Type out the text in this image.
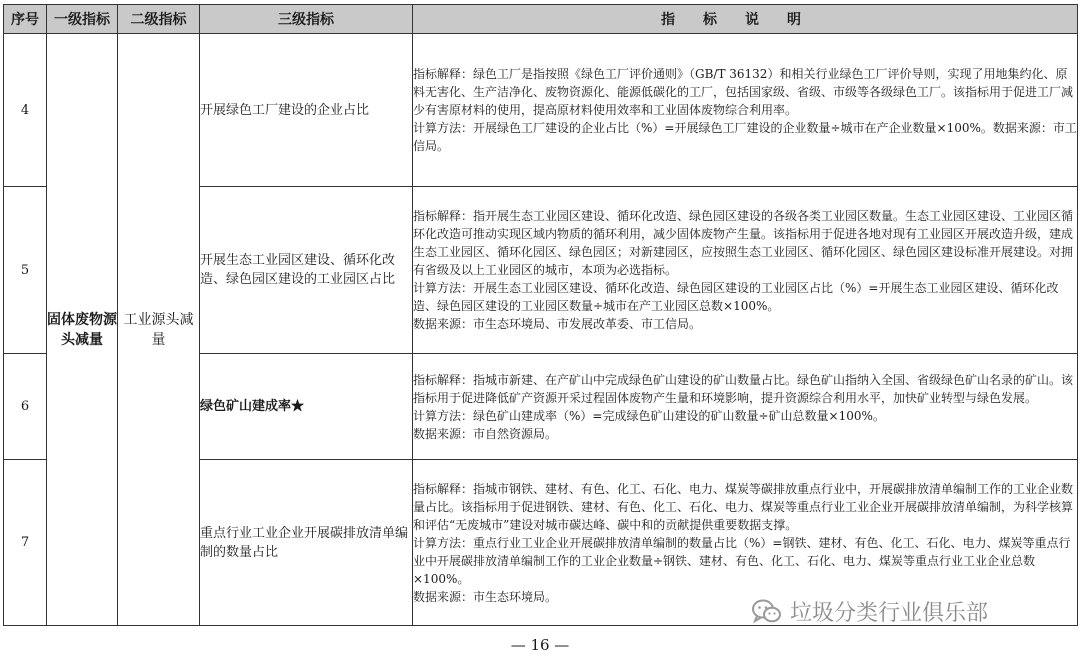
序号	一级指标	二级指标	三级指标	指标说明
4	固体废物源头减量	工业源头减量	开展绿色工厂建设的企业占比	指标解释：绿色工厂是指按照《绿色工厂评价通则》（GB/T 36132）和相关行业绿色工厂评价导则，实现了用地集约化、原料无害化、生产洁净化、废物资源化、能源低碳化的工厂，包括国家级、省级、市级等各级绿色工厂。该指标用于促进工厂减少有害原材料的使用，提高原材料使用效率和工业固体废物综合利用率。

计算方法：开展绿色工厂建设的企业占比（%）=开展绿色工厂建设的企业数量÷城市在产企业数量×100%。数据来源：市工信局。

5			开展生态工业园区建设、循环化改造、绿色园区建设的工业园区占比	指标解释：指开展生态工业园区建设、循环化改造、绿色园区建设的各级各类工业园区数量。生态工业园区建设、工业园区循环化改造可推动实现区域内物质的循环利用，减少固体废物产生量。该指标用于促进各地对现有工业园区开展改造升级，建成生态工业园区、循环化园区、绿色园区；对新建园区，应按照生态工业园区、循环化园区、绿色园区建设标准开展建设。对拥有省级及以上工业园区的城市，本项为必选指标。

计算方法：开展生态工业园区建设、循环化改造、绿色园区建设的工业园区占比（%）=开展生态工业园区建设、循环化改造、绿色园区建设的工业园区数量÷城市在产工业园区总数×100%。

数据来源：市生态环境局、市发展改革委、市工信局。

6			绿色矿山建成率★	指标解释：指城市新建、在产矿山中完成绿色矿山建设的矿山数量占比。绿色矿山指纳入全国、省级绿色矿山名录的矿山。该指标用于促进降低矿产资源开采过程固体废物产生量和环境影响，提升资源综合利用水平，加快矿业转型与绿色发展。

计算方法：绿色矿山建成率（%）=完成绿色矿山建设的矿山数量÷矿山总数量×100%。

数据来源：市自然资源局。

7			重点行业工业企业开展碳排放清单编制的数量占比	指标解释：指城市钢铁、建材、有色、化工、石化、电力、煤炭等碳排放重点行业中，开展碳排放清单编制工作的工业企业数量占比。该指标用于促进钢铁、建材、有色、化工、石化、电力、煤炭等重点行业工业企业开展碳排放清单编制，为科学核算和评估“无废城市”建设对城市碳达峰、碳中和的贡献提供重要数据支撑。

计算方法：重点行业工业企业开展碳排放清单编制的数量占比（%）=钢铁、建材、有色、化工、石化、电力、煤炭等重点行业中开展碳排放清单编制工作的工业企业数量÷钢铁、建材、有色、化工、石化、电力、煤炭等重点行业工业企业总数×100%。

数据来源：市生态环境局。

垃圾分类行业俱乐部
— 16 —
